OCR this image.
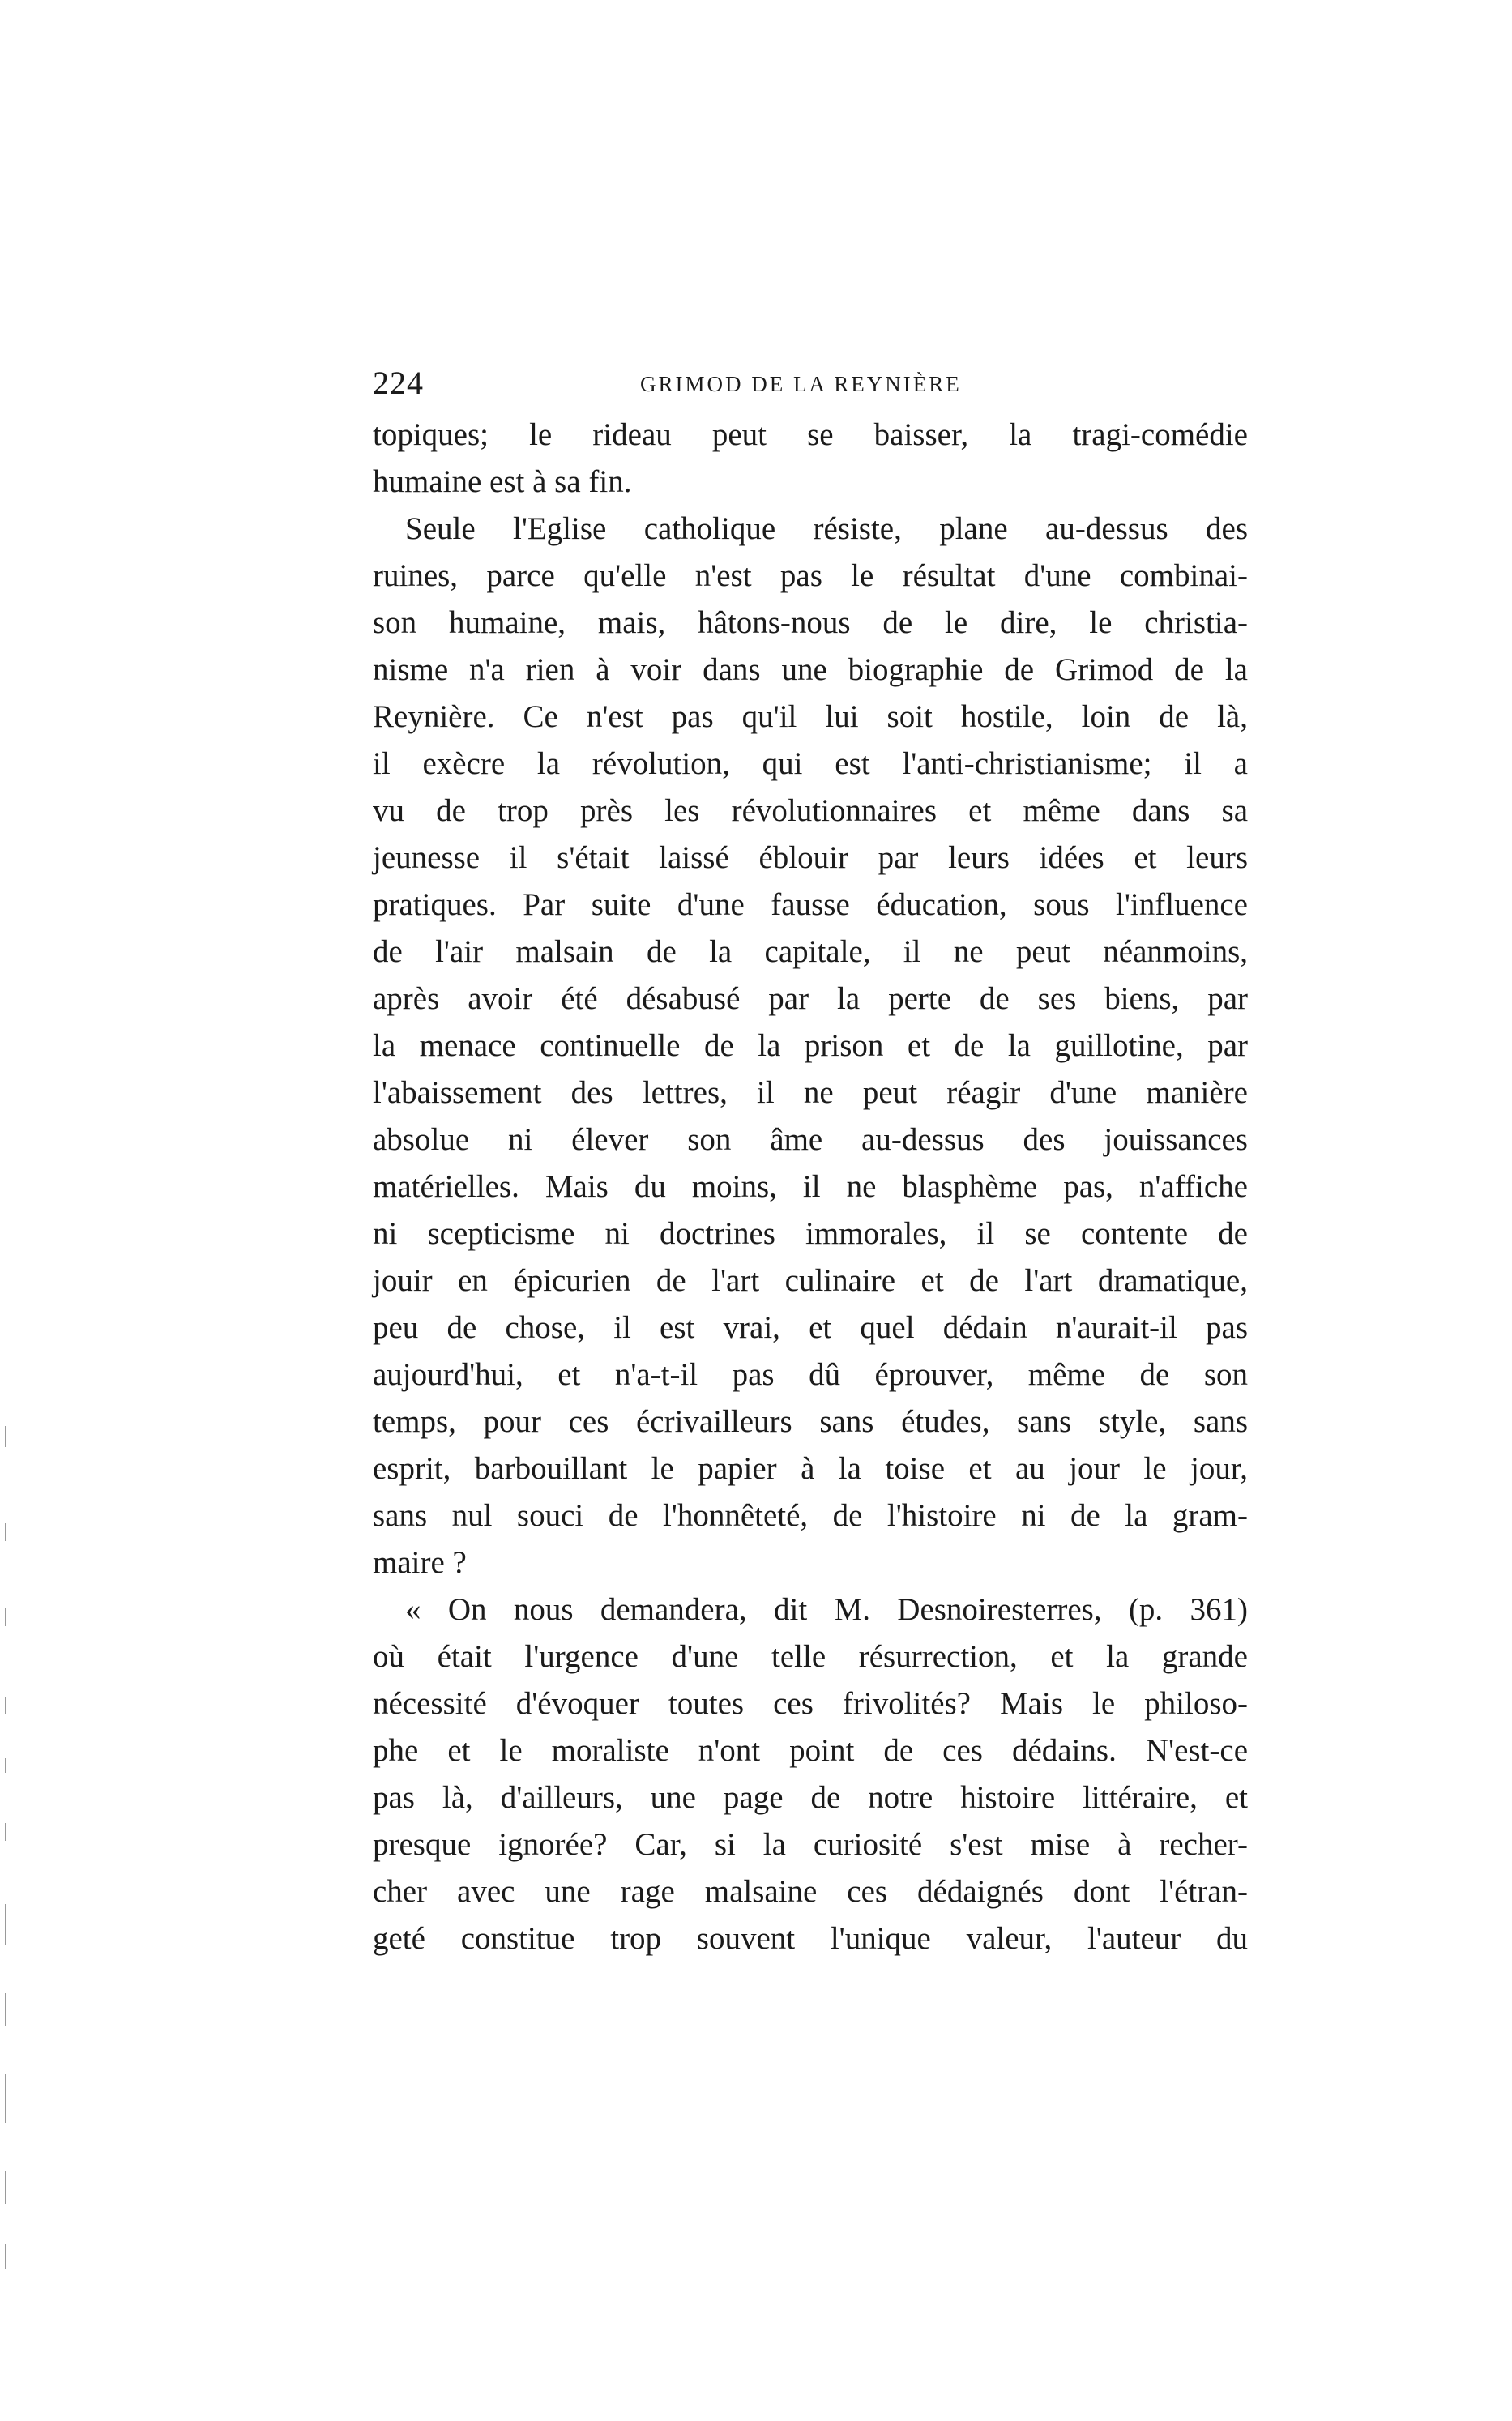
224	GRIMOD DE LA REYNIÈRE
topiques; le rideau peut se baisser, la tragi-comédie
humaine est à sa fin.
Seule l'Eglise catholique résiste, plane au-dessus des
ruines, parce qu'elle n'est pas le résultat d'une combinai-
son humaine, mais, hâtons-nous de le dire, le christia-
nisme n'a rien à voir dans une biographie de Grimod de la
Reynière. Ce n'est pas qu'il lui soit hostile, loin de là,
il exècre la révolution, qui est l'anti-christianisme; il a
vu de trop près les révolutionnaires et même dans sa
jeunesse il s'était laissé éblouir par leurs idées et leurs
pratiques. Par suite d'une fausse éducation, sous l'influence
de l'air malsain de la capitale, il ne peut néanmoins,
après avoir été désabusé par la perte de ses biens, par
la menace continuelle de la prison et de la guillotine, par
l'abaissement des lettres, il ne peut réagir d'une manière
absolue ni élever son âme au-dessus des jouissances
matérielles. Mais du moins, il ne blasphème pas, n'affiche
ni scepticisme ni doctrines immorales, il se contente de
jouir en épicurien de l'art culinaire et de l'art dramatique,
peu de chose, il est vrai, et quel dédain n'aurait-il pas
aujourd'hui, et n'a-t-il pas dû éprouver, même de son
temps, pour ces écrivailleurs sans études, sans style, sans
esprit, barbouillant le papier à la toise et au jour le jour,
sans nul souci de l'honnêteté, de l'histoire ni de la gram-
maire ?
« On nous demandera, dit M. Desnoiresterres, (p. 361)
où était l'urgence d'une telle résurrection, et la grande
nécessité d'évoquer toutes ces frivolités? Mais le philoso-
phe et le moraliste n'ont point de ces dédains. N'est-ce
pas là, d'ailleurs, une page de notre histoire littéraire, et
presque ignorée? Car, si la curiosité s'est mise à recher-
cher avec une rage malsaine ces dédaignés dont l'étran-
geté constitue trop souvent l'unique valeur, l'auteur du
